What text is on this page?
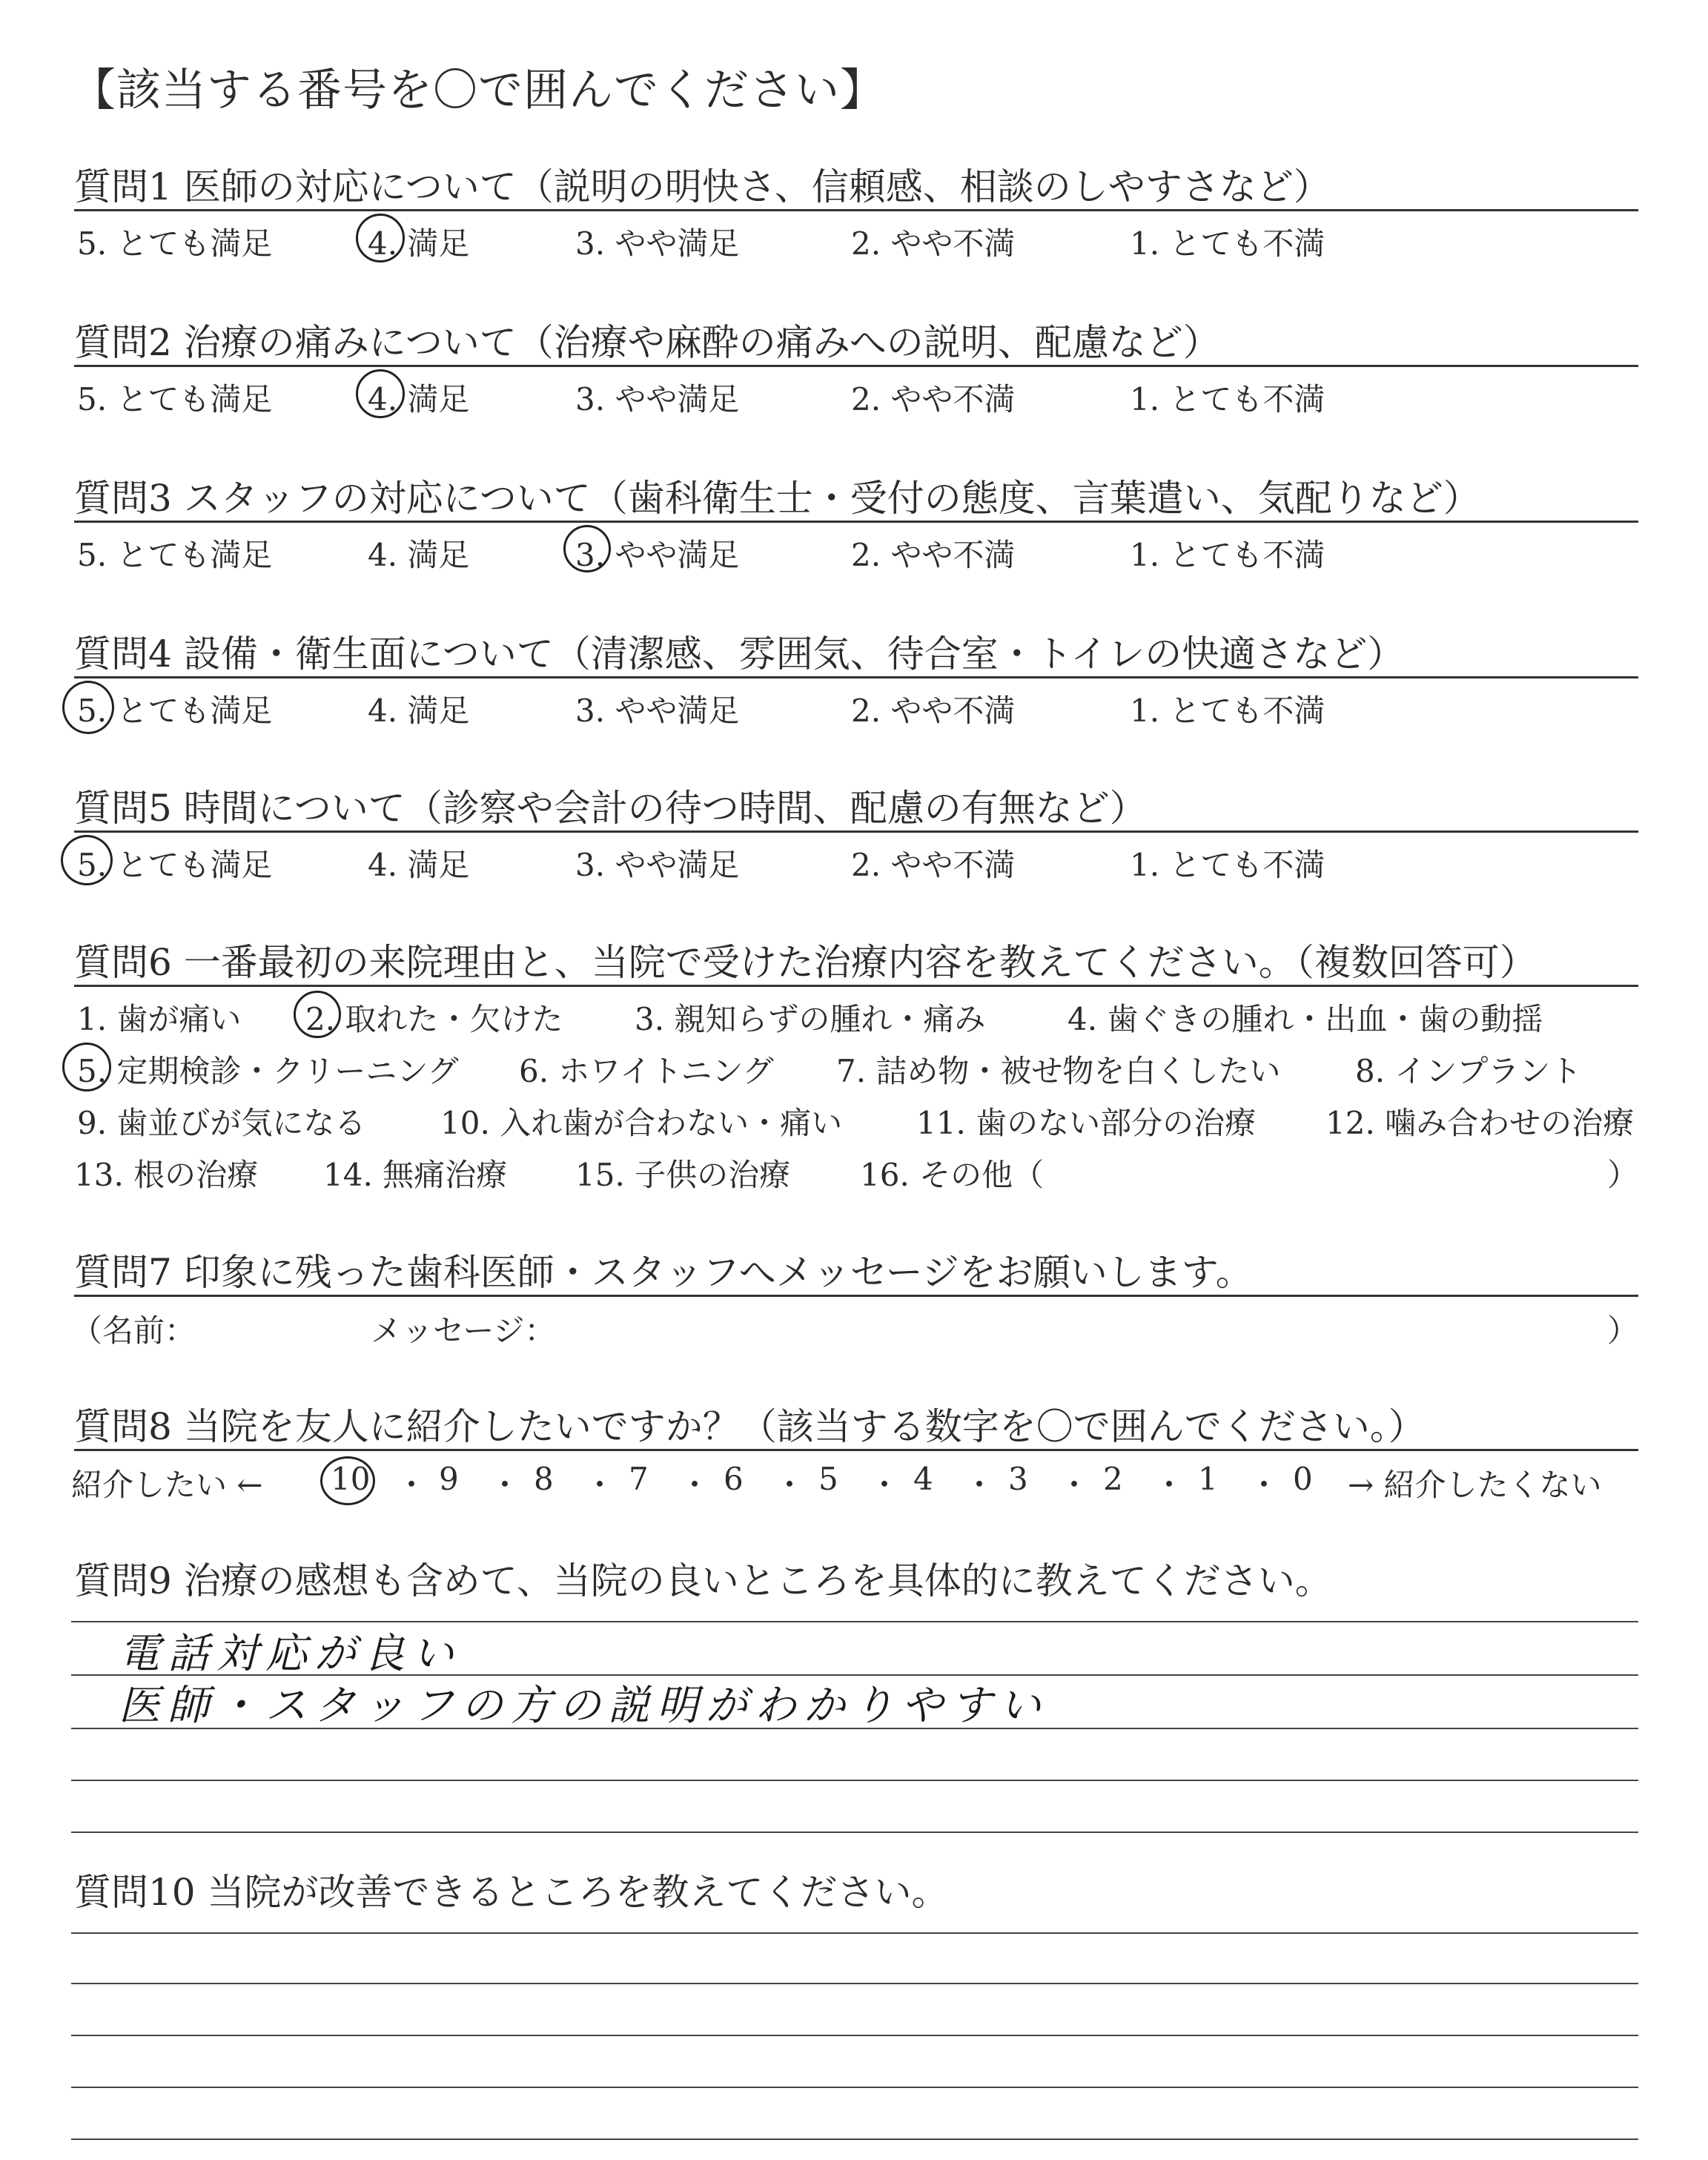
【該当する番号を〇で囲んでください】
質問1 医師の対応について（説明の明快さ、信頼感、相談のしやすさなど）
5. とても満足	4. 満足	3. やや満足	2. やや不満	1. とても不満
質問2 治療の痛みについて（治療や麻酔の痛みへの説明、配慮など）
5. とても満足	4. 満足	3. やや満足	2. やや不満	1. とても不満
質問3 スタッフの対応について（歯科衛生士・受付の態度、言葉遣い、気配りなど）
5. とても満足	4. 満足	3. やや満足	2. やや不満	1. とても不満
質問4 設備・衛生面について（清潔感、雰囲気、待合室・トイレの快適さなど）
5. とても満足	4. 満足	3. やや満足	2. やや不満	1. とても不満
質問5 時間について（診察や会計の待つ時間、配慮の有無など）
5. とても満足	4. 満足	3. やや満足	2. やや不満	1. とても不満
質問6 一番最初の来院理由と、当院で受けた治療内容を教えてください。（複数回答可）
1. 歯が痛い 2. 取れた・欠けた 3. 親知らずの腫れ・痛み	4. 歯ぐきの腫れ・出血・歯の動揺
5. 定期検診・クリーニング 6. ホワイトニング 7. 詰め物・被せ物を白くしたい 8. インプラント
9. 歯並びが気になる 10. 入れ歯が合わない・痛い 11. 歯のない部分の治療 12. 噛み合わせの治療
13. 根の治療 14. 無痛治療 15. 子供の治療 16. その他（	）
質問7 印象に残った歯科医師・スタッフへメッセージをお願いします。
（名前：	メッセージ：	）
質問8 当院を友人に紹介したいですか？（該当する数字を〇で囲んでください。）
紹介したい ← 10 ・ 9 ・ 8 ・ 7 ・ 6 ・ 5 ・ 4 ・ 3 ・ 2 ・ 1 ・ 0 → 紹介したくない
質問9 治療の感想も含めて、当院の良いところを具体的に教えてください。
電話対応が良い
医師・スタッフの方の説明がわかりやすい
質問10 当院が改善できるところを教えてください。
